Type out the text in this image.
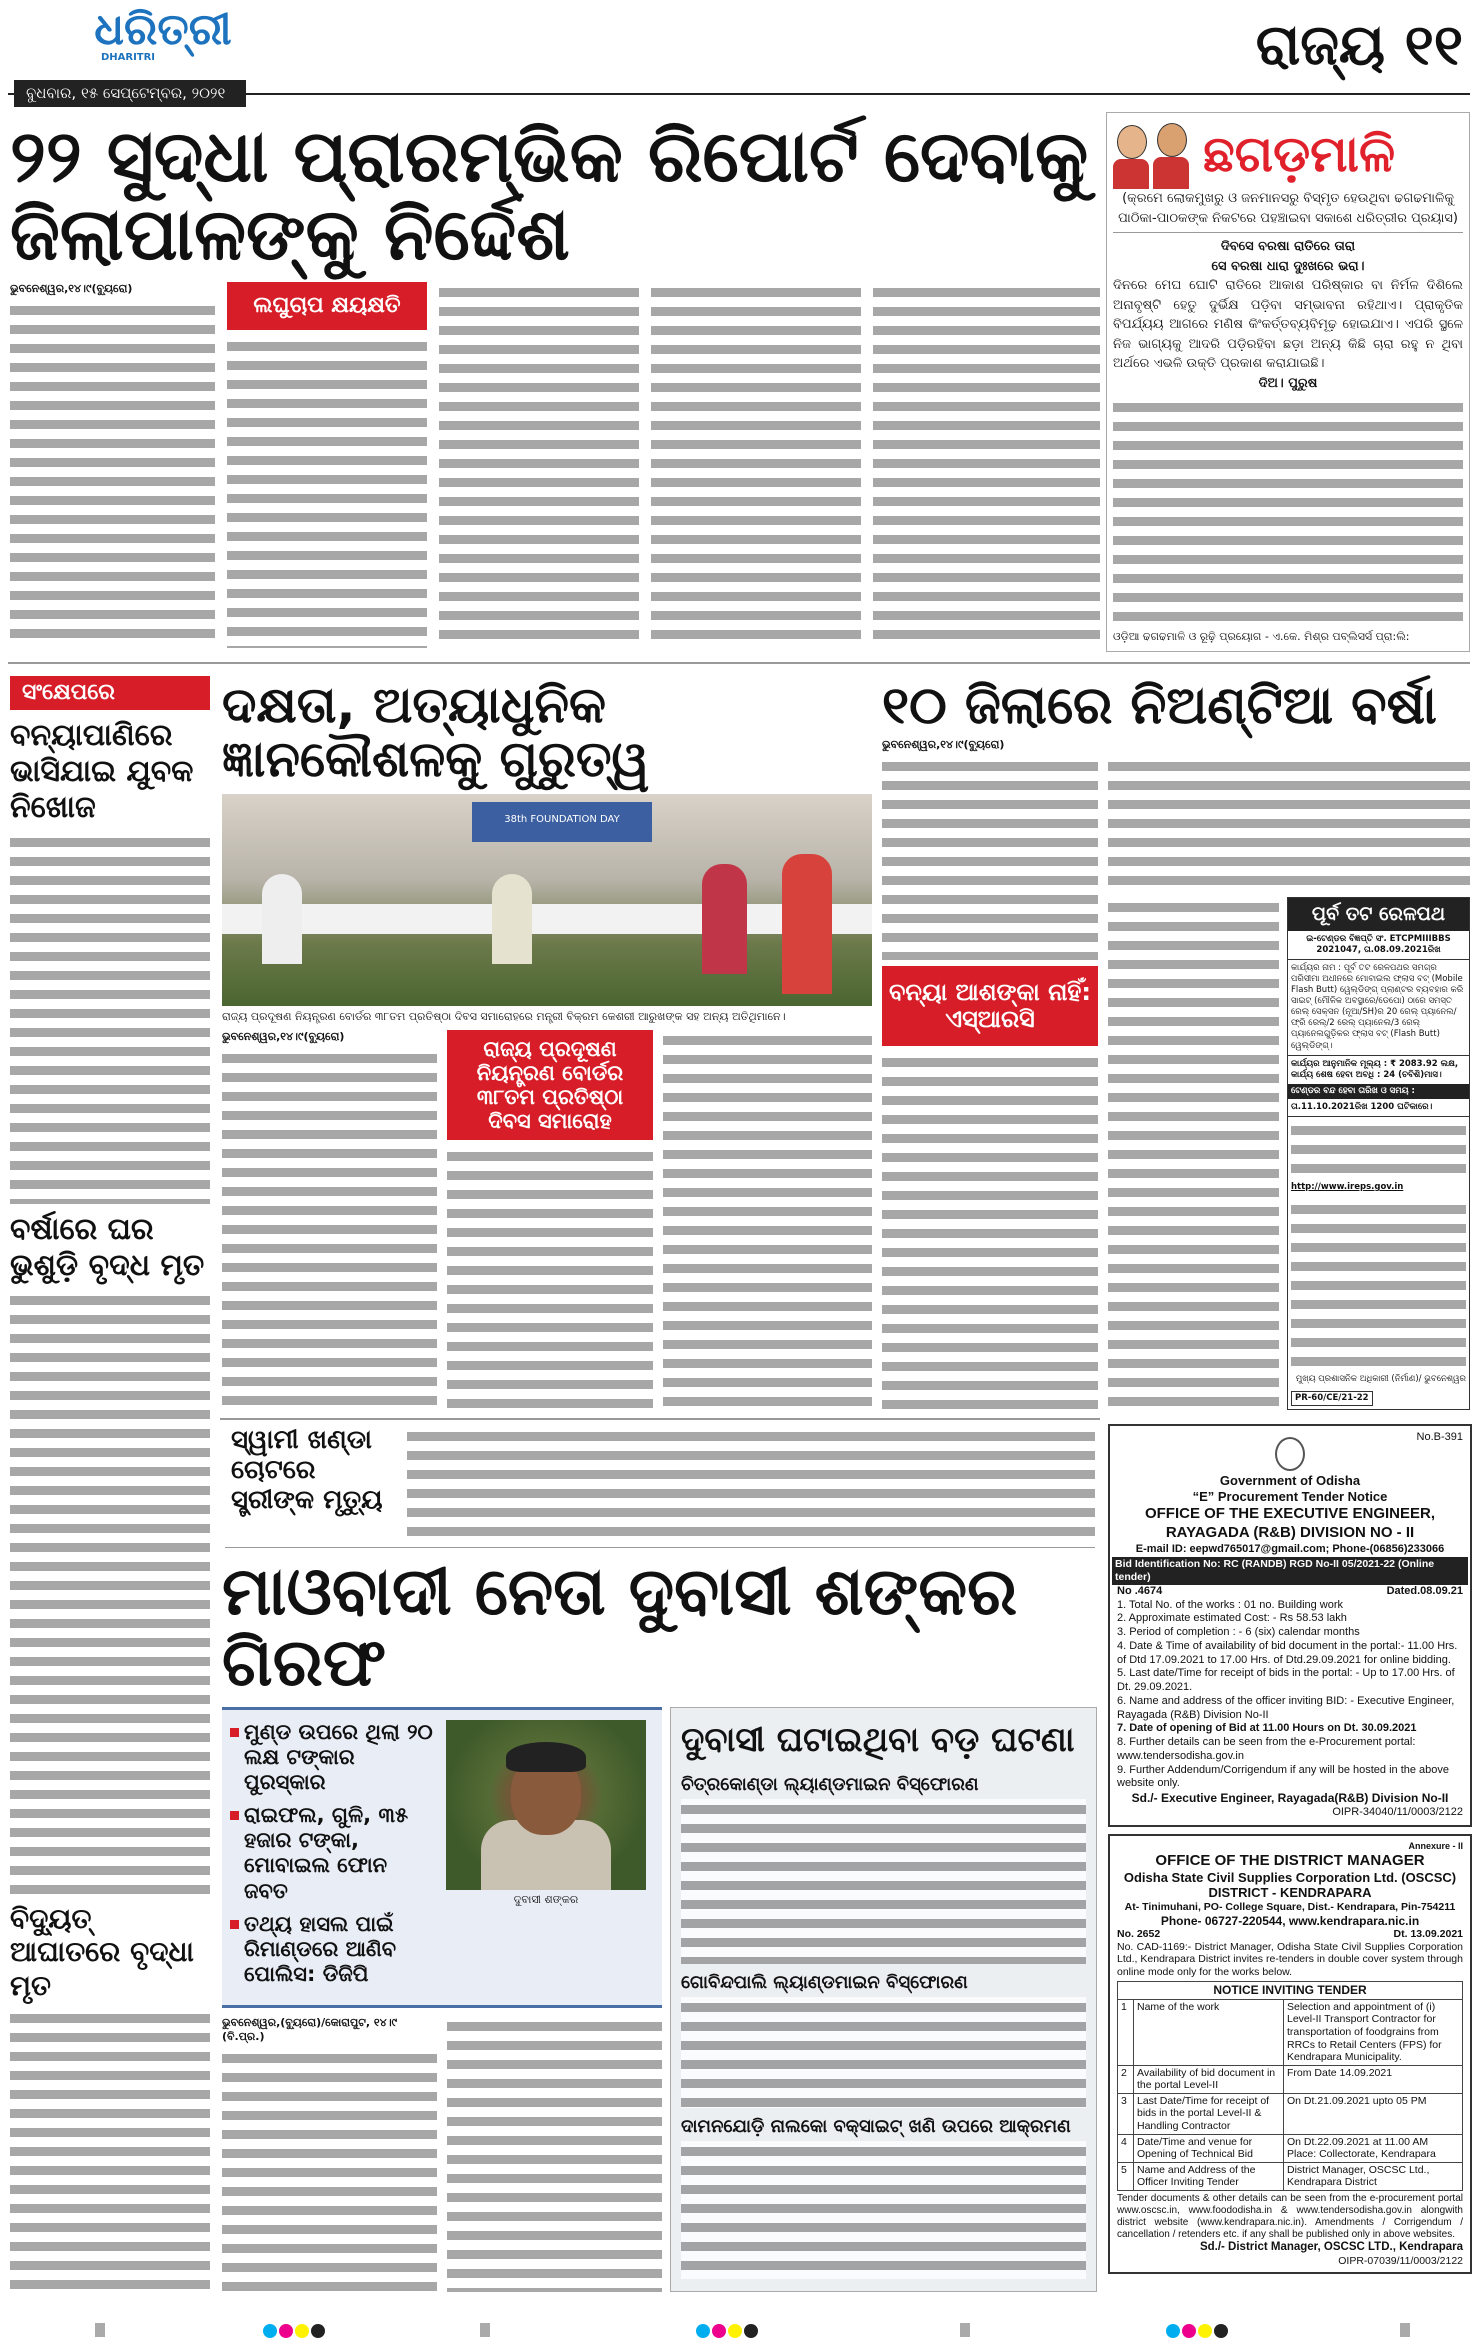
ଧରିତ୍ରୀ
DHARITRI
ବୁଧବାର, ୧୫ ସେପ୍ଟେମ୍ବର, ୨୦୨୧
ରାଜ୍ୟ ୧୧
୨୨ ସୁଦ୍ଧା ପ୍ରାରମ୍ଭିକ ରିପୋର୍ଟ ଦେବାକୁ ଜିଲାପାଳଙ୍କୁ ନିର୍ଦ୍ଦେଶ
ଭୁବନେଶ୍ୱର,୧୪।୯(ବ୍ୟୁରୋ)
ଲଘୁଚାପ କ୍ଷୟକ୍ଷତି
ଛଗଡ଼ମାଳି
(କ୍ରମେ ଲୋକମୁଖରୁ ଓ ଜନମାନସରୁ ବିସ୍ମୃତ ହେଉଥିବା ଢଗଢମାଳିକୁ ପାଠିକା-ପାଠକଙ୍କ ନିକଟରେ ପହଞ୍ଚାଇବା ସକାଶେ ଧରିତ୍ରୀର ପ୍ରୟାସ)
ଦିବସେ ବରଷା ରାତିରେ ତାରା
ସେ ବରଷା ଧାରା ଦୁଃଖରେ ଭରା।
ଦିନରେ ମେଘ ଘୋଟି ରାତିରେ ଆକାଶ ପରିଷ୍କାର ବା ନିର୍ମଳ ଦିଶିଲେ ଅନାବୃଷ୍ଟି ହେତୁ ଦୁର୍ଭିକ୍ଷ ପଡ଼ିବା ସମ୍ଭାବନା ରହିଥାଏ। ପ୍ରାକୃତିକ ବିପର୍ଯ୍ୟୟ ଆଗରେ ମଣିଷ କିଂକର୍ତ୍ତବ୍ୟବିମୂଢ଼ ହୋଇଯାଏ। ଏପରି ସ୍ଥଳେ ନିଜ ଭାଗ୍ୟକୁ ଆଦରି ପଡ଼ିରହିବା ଛଡ଼ା ଅନ୍ୟ କିଛି ଚାରା ରହୁ ନ ଥିବା ଅର୍ଥରେ ଏଭଳି ଉକ୍ତି ପ୍ରକାଶ କରାଯାଇଛି।
ଦିଅ। ପୁରୁଷ
ଓଡ଼ିଆ ଢଗଢମାଳି ଓ ରୂଢ଼ି ପ୍ରୟୋଗ - ଏ.କେ. ମିଶ୍ର ପବ୍ଲିସର୍ସ ପ୍ରା:ଲି:
ସଂକ୍ଷେପରେ
ବନ୍ୟାପାଣିରେ ଭାସିଯାଇ ଯୁବକ ନିଖୋଜ
ବର୍ଷାରେ ଘର ଭୁଶୁଡ଼ି ବୃଦ୍ଧ ମୃତ
ବିଦ୍ୟୁତ୍ ଆଘାତରେ ବୃଦ୍ଧା ମୃତ
ଦକ୍ଷତା, ଅତ୍ୟାଧୁନିକ ଜ୍ଞାନକୌଶଳକୁ ଗୁରୁତ୍ୱ
38th FOUNDATION DAY
ରାଜ୍ୟ ପ୍ରଦୂଷଣ ନିୟନ୍ତ୍ରଣ ବୋର୍ଡର ୩୮ତମ ପ୍ରତିଷ୍ଠା ଦିବସ ସମାରୋହରେ ମନ୍ତ୍ରୀ ବିକ୍ରମ କେଶରୀ ଆରୁଖଙ୍କ ସହ ଅନ୍ୟ ଅତିଥିମାନେ।
ଭୁବନେଶ୍ୱର,୧୪।୯(ବ୍ୟୁରୋ)
ରାଜ୍ୟ ପ୍ରଦୂଷଣ ନିୟନ୍ତ୍ରଣ ବୋର୍ଡର ୩୮ତମ ପ୍ରତିଷ୍ଠା ଦିବସ ସମାରୋହ
୧୦ ଜିଲାରେ ନିଅଣ୍ଟିଆ ବର୍ଷା
ଭୁବନେଶ୍ୱର,୧୪।୯(ବ୍ୟୁରୋ)
ବନ୍ୟା ଆଶଙ୍କା ନାହିଁ: ଏସ୍‌ଆରସି
ପୂର୍ବ ତଟ ରେଳପଥ
ଇ-ଟେଣ୍ଡର ବିଜ୍ଞପ୍ତି ସଂ. ETCPMIIIBBS 2021047, ତା.08.09.2021ରିଖ
କାର୍ଯ୍ୟର ନାମ : ପୂର୍ବ ତଟ ରେଳପଥର ସମଗ୍ର ପରିସୀମା ଅଧୀନରେ ମୋବାଇଲ ଫ୍ଲାସ ବଟ୍ (Mobile Flash Butt) ୱେଲ୍ଡିଙ୍ଗ୍ ପ୍ଲାଣ୍ଟର ବ୍ୟବହାର କରି ସାଇଟ୍ (ମୌଳିକ ଅବସ୍ଥାରେ/ଡେପୋ) ଠାରେ ସମସ୍ତ ରେଲ୍ ସେକ୍ସନ (ନୂଆ/SH)ର 20 ରେଲ୍ ପ୍ୟାନେଲ/ ଫ୍ରି ରେଲ୍/2 ରେଲ୍ ପ୍ୟାନେଲ/3 ରେଲ୍ ପ୍ୟାନେଲଗୁଡ଼ିକର ଫ୍ଲାସ ବଟ୍ (Flash Butt) ୱେଲ୍ଡିଙ୍ଗ୍।
କାର୍ଯ୍ୟର ଆନୁମାନିକ ମୂଲ୍ୟ : ₹ 2083.92 ଲକ୍ଷ, କାର୍ଯ୍ୟ ଶେଷ ହେବା ଅବଧି : 24 (ଚବିଶି)ମାସ।
ଟେଣ୍ଡର ବନ୍ଦ ହେବା ତାରିଖ ଓ ସମୟ :
ତା.11.10.2021ରିଖ 1200 ଘଟିକାରେ।
http://www.ireps.gov.in
ମୁଖ୍ୟ ପ୍ରଶାସନିକ ଅଧିକାରୀ (ନିର୍ମାଣ)/ ଭୁବନେଶ୍ୱର
PR-60/CE/21-22
ସ୍ୱାମୀ ଖଣ୍ଡା ଚୋଟରେ ସ୍ତ୍ରୀଙ୍କ ମୃତ୍ୟୁ
ମାଓବାଦୀ ନେତା ଦୁବାସୀ ଶଙ୍କର ଗିରଫ
ମୁଣ୍ଡ ଉପରେ ଥିଲା ୨୦ ଲକ୍ଷ ଟଙ୍କାର ପୁରସ୍କାର
ରାଇଫଲ, ଗୁଳି, ୩୫ ହଜାର ଟଙ୍କା, ମୋବାଇଲ ଫୋନ ଜବତ
ତଥ୍ୟ ହାସଲ ପାଇଁ ରିମାଣ୍ଡରେ ଆଣିବ ପୋଲିସ: ଡିଜିପି
ଦୁବାସୀ ଶଙ୍କର
ଭୁବନେଶ୍ୱର,(ବ୍ୟୁରୋ)/କୋରାପୁଟ, ୧୪।୯ (ବି.ପ୍ର.)
ଦୁବାସୀ ଘଟାଇଥିବା ବଡ଼ ଘଟଣା
ଚିତ୍ରକୋଣ୍ଡା ଲ୍ୟାଣ୍ଡମାଇନ ବିସ୍ଫୋରଣ
ଗୋବିନ୍ଦପାଲି ଲ୍ୟାଣ୍ଡମାଇନ ବିସ୍ଫୋରଣ
ଦାମନଯୋଡ଼ି ନାଲକୋ ବକ୍ସାଇଟ୍ ଖଣି ଉପରେ ଆକ୍ରମଣ
No.B-391
Government of Odisha
“E” Procurement Tender Notice
OFFICE OF THE EXECUTIVE ENGINEER,
RAYAGADA (R&B) DIVISION NO - II
E-mail ID: eepwd765017@gmail.com; Phone-(06856)233066
Bid Identification No: RC (RANDB) RGD No-II 05/2021-22 (Online tender)
No .4674	Dated.08.09.21
1. Total No. of the works : 01 no. Building work
2. Approximate estimated Cost: - Rs 58.53 lakh
3. Period of completion : - 6 (six) calendar months
4. Date & Time of availability of bid document in the portal:- 11.00 Hrs. of Dtd 17.09.2021 to 17.00 Hrs. of Dtd.29.09.2021 for online bidding.
5. Last date/Time for receipt of bids in the portal: - Up to 17.00 Hrs. of Dt. 29.09.2021.
6. Name and address of the officer inviting BID: - Executive Engineer, Rayagada (R&B) Division No-II
7. Date of opening of Bid at 11.00 Hours on Dt. 30.09.2021
8. Further details can be seen from the e-Procurement portal: www.tendersodisha.gov.in
9. Further Addendum/Corrigendum if any will be hosted in the above website only.
Sd./- Executive Engineer, Rayagada(R&B) Division No-II
OIPR-34040/11/0003/2122
Annexure - II
OFFICE OF THE DISTRICT MANAGER
Odisha State Civil Supplies Corporation Ltd. (OSCSC)
DISTRICT - KENDRAPARA
At- Tinimuhani, PO- College Square, Dist.- Kendrapara, Pin-754211
Phone- 06727-220544, www.kendrapara.nic.in
No. 2652	Dt. 13.09.2021
No. CAD-1169:- District Manager, Odisha State Civil Supplies Corporation Ltd., Kendrapara District invites re-tenders in double cover system through online mode only for the works below.
NOTICE INVITING TENDER		
1	Name of the work	Selection and appointment of (i) Level-II Transport Contractor for transportation of foodgrains from RRCs to Retail Centers (FPS) for Kendrapara Municipality.
2	Availability of bid document in the portal Level-II	From Date 14.09.2021
3	Last Date/Time for receipt of bids in the portal Level-II & Handling Contractor	On Dt.21.09.2021 upto 05 PM
4	Date/Time and venue for Opening of Technical Bid	On Dt.22.09.2021 at 11.00 AM Place: Collectorate, Kendrapara
5	Name and Address of the Officer Inviting Tender	District Manager, OSCSC Ltd., Kendrapara District
Tender documents & other details can be seen from the e-procurement portal www.oscsc.in, www.foododisha.in & www.tendersodisha.gov.in alongwith district website (www.kendrapara.nic.in). Amendments / Corrigendum / cancellation / retenders etc. if any shall be published only in above websites.
Sd./- District Manager, OSCSC LTD., Kendrapara
OIPR-07039/11/0003/2122
